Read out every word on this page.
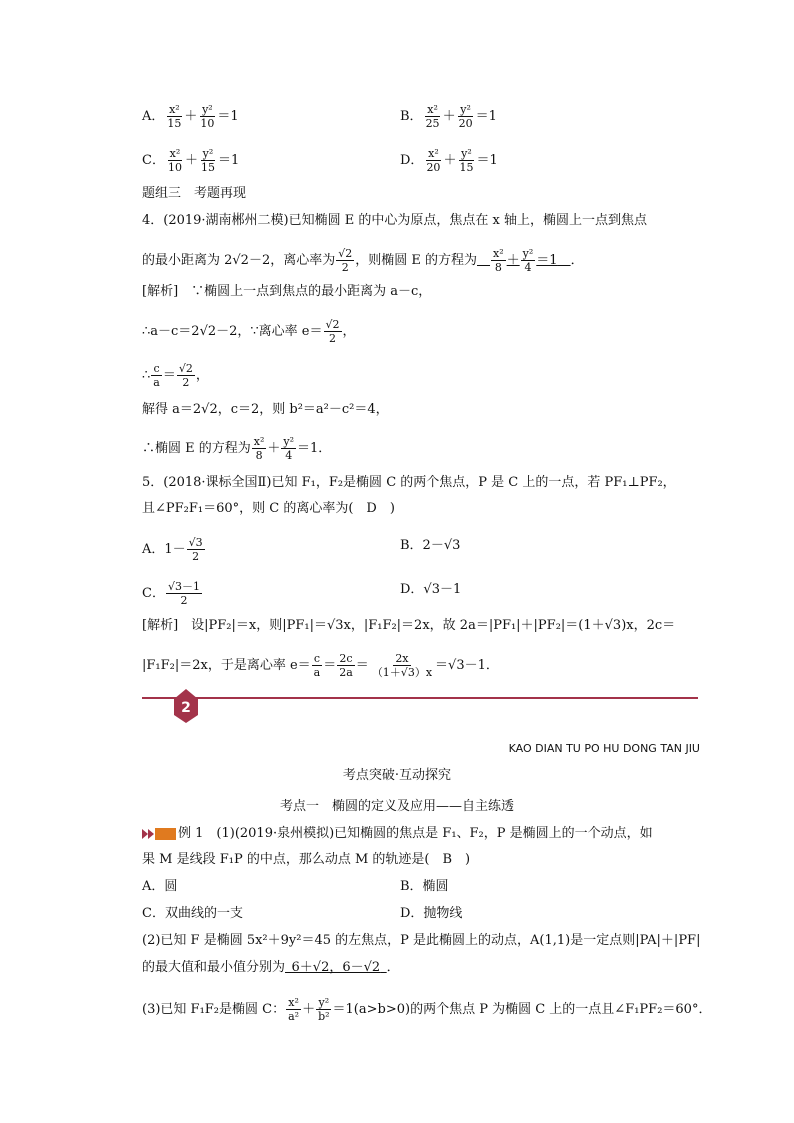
A． $\frac{\text{x²}}{15} + \frac{\text{y²}}{10} =1$	B． $\frac{\text{x²}}{25} + \frac{\text{y²}}{20} =1$
C． $\frac{\text{x²}}{10} + \frac{\text{y²}}{15} =1$	D． $\frac{\text{x²}}{20} + \frac{\text{y²}}{15} =1$
题组三　考题再现
4．(2019·湖南郴州二模)已知椭圆 E 的中心为原点，焦点在 x 轴上，椭圆上一点到焦点
的最小距离为 2√2－2，离心率为 $\frac{√2}{2}$ ，则椭圆 E 的方程为  $\frac{\text{x²}}{8} + \frac{\text{y²}}{4} =1$  ．
[解析]　∵椭圆上一点到焦点的最小距离为 a－c，
∴a－c＝2√2－2，∵离心率 $e= \frac{√2}{2}$ ，
∴ $\frac{c}{a} = \frac{√2}{2}$ ，
解得 a＝2√2，c＝2，则 b²＝a²－c²＝4，
∴椭圆 E 的方程为 $\frac{\text{x²}}{8} + \frac{\text{y²}}{4} =1$．
5．(2018·课标全国Ⅱ)已知 F₁，F₂是椭圆 C 的两个焦点，P 是 C 上的一点，若 PF₁⊥PF₂，
且∠PF₂F₁＝60°，则 C 的离心率为(　D　)
A．$1- \frac{√3}{2}$	B．2－√3
C． $\frac{√3-1}{2}$	D．√3－1
[解析]　设|PF₂|＝x，则|PF₁|＝√3x，|F₁F₂|＝2x，故 2a＝|PF₁|＋|PF₂|＝(1＋√3)x，2c＝
|F₁F₂|＝2x，于是离心率 $e= \frac{c}{a} = \frac{2c}{2a} = \frac{2x}{(1+√3)x} =√3-1$．
2
KAO DIAN TU PO HU DONG TAN JIU
考点突破·互动探究
考点一　椭圆的定义及应用——自主练透
例 1　(1)(2019·泉州模拟)已知椭圆的焦点是 F₁、F₂，P 是椭圆上的一个动点，如
果 M 是线段 F₁P 的中点，那么动点 M 的轨迹是(　B　)
A．圆	B．椭圆
C．双曲线的一支	D．抛物线
(2)已知 F 是椭圆 5x²＋9y²＝45 的左焦点，P 是此椭圆上的动点，A(1,1)是一定点则|PA|＋|PF|
的最大值和最小值分别为  6＋√2，6－√2  ．
(3)已知 F₁F₂是椭圆 C： $\frac{\text{x²}}{\text{a²}} + \frac{\text{y²}}{\text{b²}} =1(a>b>0)$的两个焦点 P 为椭圆 C 上的一点且∠F₁PF₂＝60°．
